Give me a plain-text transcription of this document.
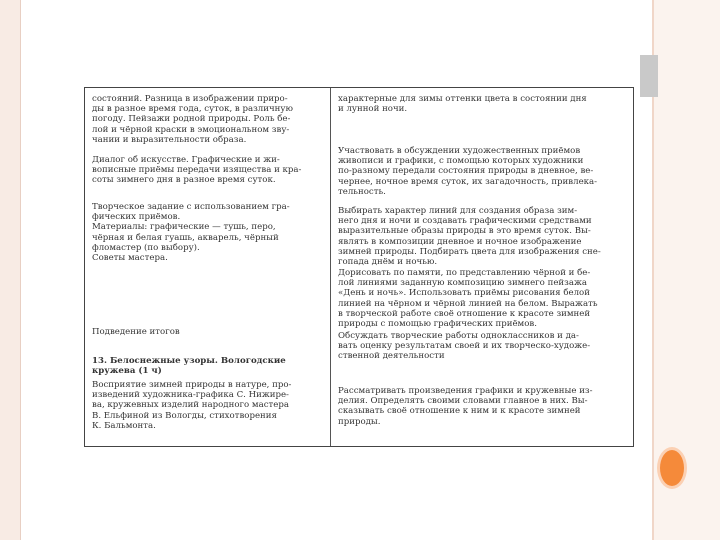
состояний. Разница в изображении приро-
ды в разное время года, суток, в различную
погоду. Пейзажи родной природы. Роль бе-
лой и чёрной краски в эмоциональном зву-
чании и выразительности образа.

Диалог об искусстве. Графические и жи-
вописные приёмы передачи изящества и кра-
соты зимнего дня в разное время суток.

Творческое задание с использованием гра-
фических приёмов.
Материалы: графические — тушь, перо,
чёрная и белая гуашь, акварель, чёрный
фломастер (по выбору).
Советы мастера.

Подведение итогов

13. Белоснежные узоры. Вологодские
кружева (1 ч)

Восприятие зимней природы в натуре, про-
изведений художника-графика С. Нижире-
ва, кружевных изделий народного мастера
В. Ельфиной из Вологды, стихотворения
К. Бальмонта.

характерные для зимы оттенки цвета в состоянии дня
и лунной ночи.

Участвовать в обсуждении художественных приёмов
живописи и графики, с помощью которых художники
по-разному передали состояния природы в дневное, ве-
чернее, ночное время суток, их загадочность, привлека-
тельность.

Выбирать характер линий для создания образа зим-
него дня и ночи и создавать графическими средствами
выразительные образы природы в это время суток. Вы-
являть в композиции дневное и ночное изображение
зимней природы. Подбирать цвета для изображения сне-
гопада днём и ночью.

Дорисовать по памяти, по представлению чёрной и бе-
лой линиями заданную композицию зимнего пейзажа
«День и ночь». Использовать приёмы рисования белой
линией на чёрном и чёрной линией на белом. Выражать
в творческой работе своё отношение к красоте зимней
природы с помощью графических приёмов.

Обсуждать творческие работы одноклассников и да-
вать оценку результатам своей и их творческо-художе-
ственной деятельности

Рассматривать произведения графики и кружевные из-
делия. Определять своими словами главное в них. Вы-
сказывать своё отношение к ним и к красоте зимней
природы.
